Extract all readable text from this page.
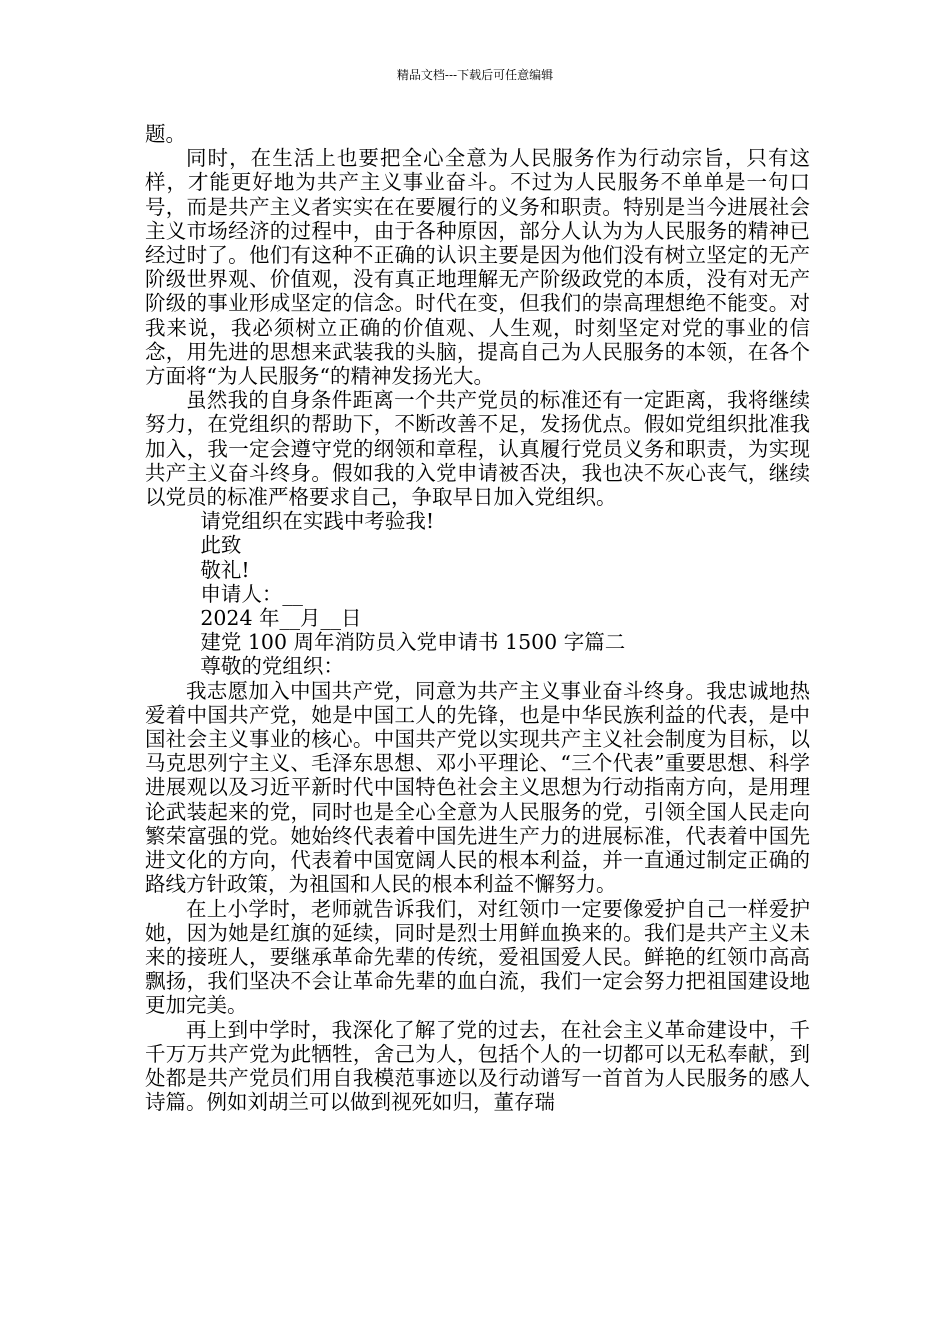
精品文档---下载后可任意编辑

题。

同时，在生活上也要把全心全意为人民服务作为行动宗旨，只有这样，才能更好地为共产主义事业奋斗。不过为人民服务不单单是一句口号，而是共产主义者实实在在要履行的义务和职责。特别是当今进展社会主义市场经济的过程中，由于各种原因，部分人认为为人民服务的精神已经过时了。他们有这种不正确的认识主要是因为他们没有树立坚定的无产阶级世界观、价值观，没有真正地理解无产阶级政党的本质，没有对无产阶级的事业形成坚定的信念。时代在变，但我们的崇高理想绝不能变。对我来说，我必须树立正确的价值观、人生观，时刻坚定对党的事业的信念，用先进的思想来武装我的头脑，提高自己为人民服务的本领，在各个方面将“为人民服务“的精神发扬光大。

虽然我的自身条件距离一个共产党员的标准还有一定距离，我将继续努力，在党组织的帮助下，不断改善不足，发扬优点。假如党组织批准我加入，我一定会遵守党的纲领和章程，认真履行党员义务和职责，为实现共产主义奋斗终身。假如我的入党申请被否决，我也决不灰心丧气，继续以党员的标准严格要求自己，争取早日加入党组织。

请党组织在实践中考验我!

此致

敬礼!

申请人：__

2024 年__月__日

建党 100 周年消防员入党申请书 1500 字篇二

尊敬的党组织：

我志愿加入中国共产党，同意为共产主义事业奋斗终身。我忠诚地热爱着中国共产党，她是中国工人的先锋，也是中华民族利益的代表，是中国社会主义事业的核心。中国共产党以实现共产主义社会制度为目标，以马克思列宁主义、毛泽东思想、邓小平理论、“三个代表”重要思想、科学进展观以及习近平新时代中国特色社会主义思想为行动指南方向，是用理论武装起来的党，同时也是全心全意为人民服务的党，引领全国人民走向繁荣富强的党。她始终代表着中国先进生产力的进展标准，代表着中国先进文化的方向，代表着中国宽阔人民的根本利益，并一直通过制定正确的路线方针政策，为祖国和人民的根本利益不懈努力。

在上小学时，老师就告诉我们，对红领巾一定要像爱护自己一样爱护她，因为她是红旗的延续，同时是烈士用鲜血换来的。我们是共产主义未来的接班人，要继承革命先辈的传统，爱祖国爱人民。鲜艳的红领巾高高飘扬，我们坚决不会让革命先辈的血白流，我们一定会努力把祖国建设地更加完美。

再上到中学时，我深化了解了党的过去，在社会主义革命建设中，千千万万共产党为此牺牲，舍己为人，包括个人的一切都可以无私奉献，到处都是共产党员们用自我模范事迹以及行动谱写一首首为人民服务的感人诗篇。例如刘胡兰可以做到视死如归，董存瑞
